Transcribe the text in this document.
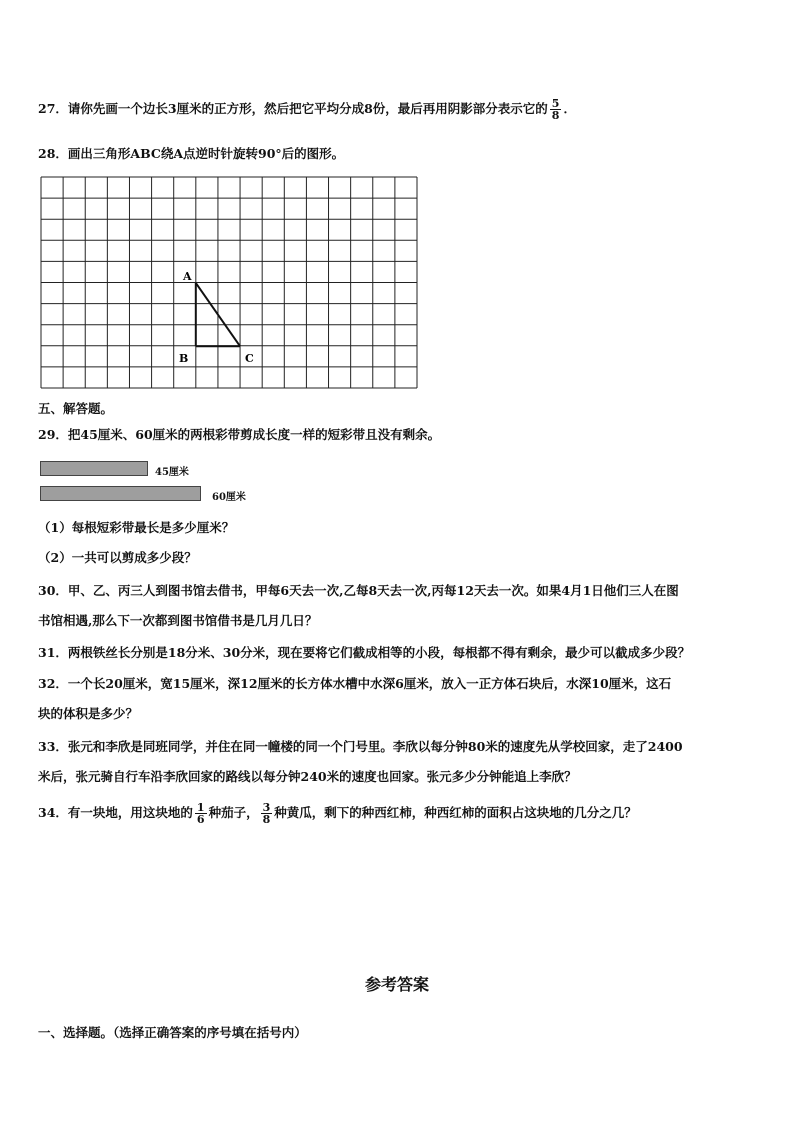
27．请你先画一个边长3厘米的正方形，然后把它平均分成8份，最后再用阴影部分表示它的 $\frac{5}{8}$ ．
28．画出三角形ABC绕A点逆时针旋转90°后的图形。
A
B	C
五、解答题。
29．把45厘米、60厘米的两根彩带剪成长度一样的短彩带且没有剩余。
45厘米
60厘米
（1）每根短彩带最长是多少厘米？
（2）一共可以剪成多少段？
30．甲、乙、丙三人到图书馆去借书，甲每6天去一次,乙每8天去一次,丙每12天去一次。如果4月1日他们三人在图
书馆相遇,那么下一次都到图书馆借书是几月几日？
31．两根铁丝长分别是18分米、30分米，现在要将它们截成相等的小段，每根都不得有剩余，最少可以截成多少段？
32．一个长20厘米，宽15厘米，深12厘米的长方体水槽中水深6厘米，放入一正方体石块后，水深10厘米，这石
块的体积是多少？
33．张元和李欣是同班同学，并住在同一幢楼的同一个门号里。李欣以每分钟80米的速度先从学校回家，走了2400
米后，张元骑自行车沿李欣回家的路线以每分钟240米的速度也回家。张元多少分钟能追上李欣？
34．有一块地，用这块地的 $\frac{1}{6}$ 种茄子， $\frac{3}{8}$ 种黄瓜，剩下的种西红柿，种西红柿的面积占这块地的几分之几？
参考答案
一、选择题。（选择正确答案的序号填在括号内）
